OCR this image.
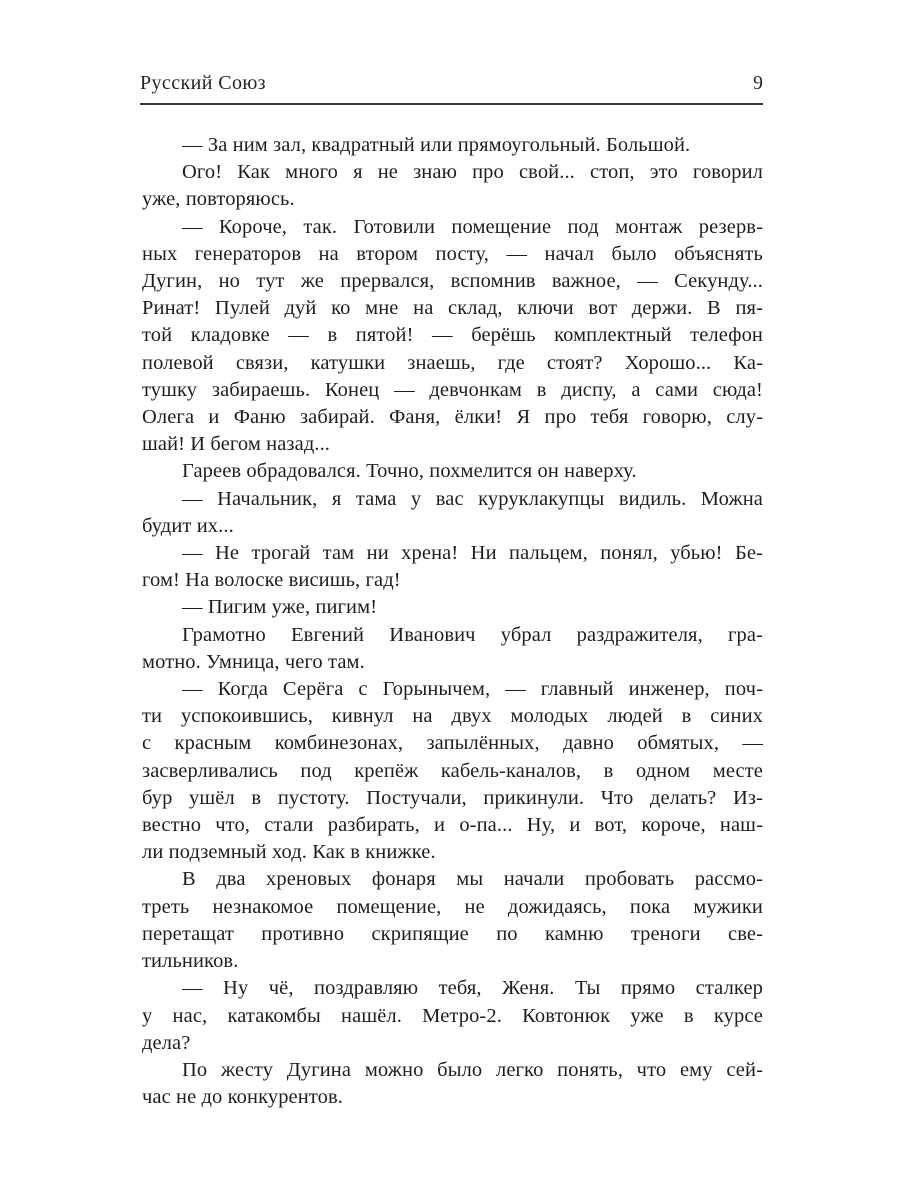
Русский Союз	9
— За ним зал, квадратный или прямоугольный. Большой.
Ого! Как много я не знаю про свой... стоп, это говорил
уже, повторяюсь.
— Короче, так. Готовили помещение под монтаж резерв-
ных генераторов на втором посту, — начал было объяснять
Дугин, но тут же прервался, вспомнив важное, — Секунду...
Ринат! Пулей дуй ко мне на склад, ключи вот держи. В пя-
той кладовке — в пятой! — берёшь комплектный телефон
полевой связи, катушки знаешь, где стоят? Хорошо... Ка-
тушку забираешь. Конец — девчонкам в диспу, а сами сюда!
Олега и Фаню забирай. Фаня, ёлки! Я про тебя говорю, слу-
шай! И бегом назад...
Гареев обрадовался. Точно, похмелится он наверху.
— Начальник, я тама у вас куруклакупцы видиль. Можна
будит их...
— Не трогай там ни хрена! Ни пальцем, понял, убью! Бе-
гом! На волоске висишь, гад!
— Пигим уже, пигим!
Грамотно Евгений Иванович убрал раздражителя, гра-
мотно. Умница, чего там.
— Когда Серёга с Горынычем, — главный инженер, поч-
ти успокоившись, кивнул на двух молодых людей в синих
с красным комбинезонах, запылённых, давно обмятых, —
засверливались под крепёж кабель-каналов, в одном месте
бур ушёл в пустоту. Постучали, прикинули. Что делать? Из-
вестно что, стали разбирать, и о-па... Ну, и вот, короче, наш-
ли подземный ход. Как в книжке.
В два хреновых фонаря мы начали пробовать рассмо-
треть незнакомое помещение, не дожидаясь, пока мужики
перетащат противно скрипящие по камню треноги све-
тильников.
— Ну чё, поздравляю тебя, Женя. Ты прямо сталкер
у нас, катакомбы нашёл. Метро-2. Ковтонюк уже в курсе
дела?
По жесту Дугина можно было легко понять, что ему сей-
час не до конкурентов.
